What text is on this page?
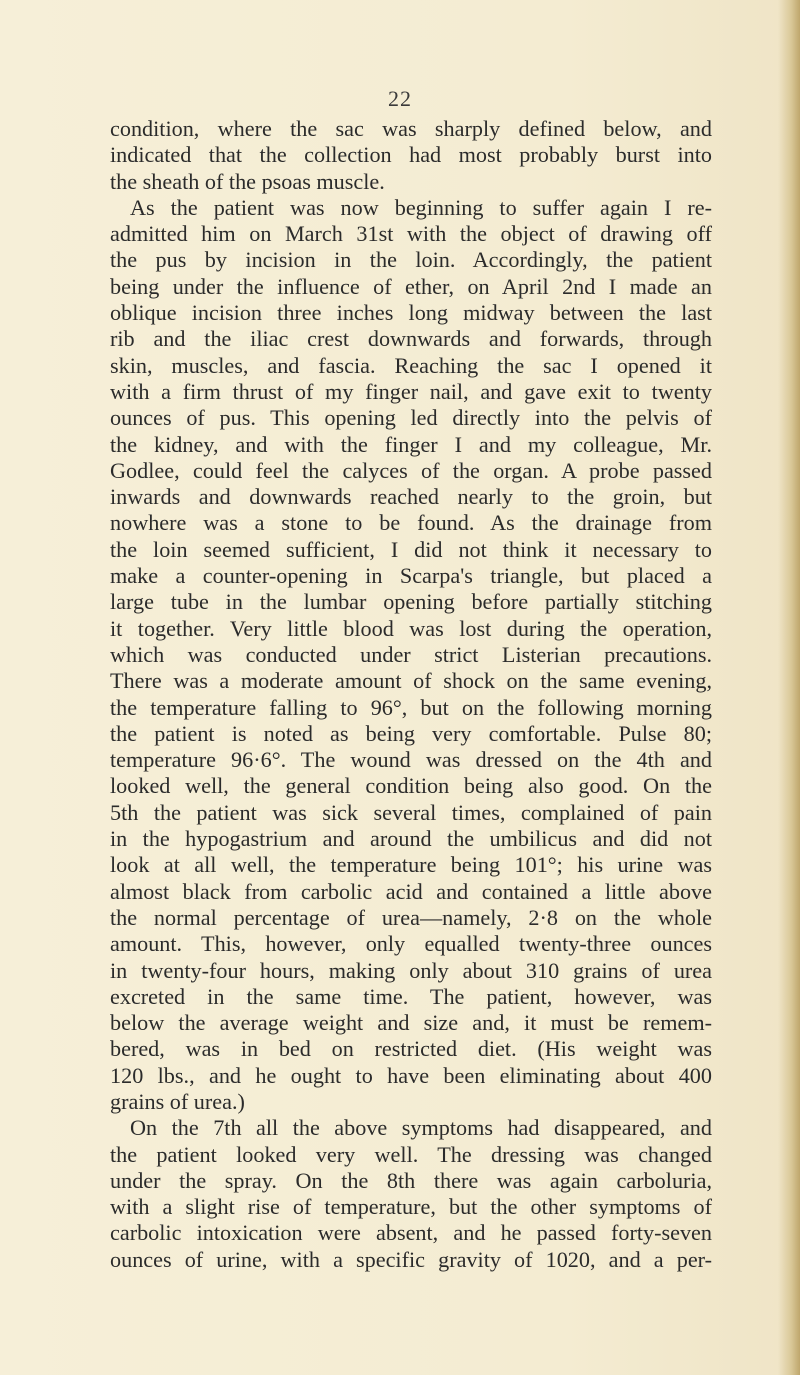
22
condition, where the sac was sharply defined below, and
indicated that the collection had most probably burst into
the sheath of the psoas muscle.
As the patient was now beginning to suffer again I re-
admitted him on March 31st with the object of drawing off
the pus by incision in the loin. Accordingly, the patient
being under the influence of ether, on April 2nd I made an
oblique incision three inches long midway between the last
rib and the iliac crest downwards and forwards, through
skin, muscles, and fascia. Reaching the sac I opened it
with a firm thrust of my finger nail, and gave exit to twenty
ounces of pus. This opening led directly into the pelvis of
the kidney, and with the finger I and my colleague, Mr.
Godlee, could feel the calyces of the organ. A probe passed
inwards and downwards reached nearly to the groin, but
nowhere was a stone to be found. As the drainage from
the loin seemed sufficient, I did not think it necessary to
make a counter-opening in Scarpa's triangle, but placed a
large tube in the lumbar opening before partially stitching
it together. Very little blood was lost during the operation,
which was conducted under strict Listerian precautions.
There was a moderate amount of shock on the same evening,
the temperature falling to 96°, but on the following morning
the patient is noted as being very comfortable. Pulse 80;
temperature 96·6°. The wound was dressed on the 4th and
looked well, the general condition being also good. On the
5th the patient was sick several times, complained of pain
in the hypogastrium and around the umbilicus and did not
look at all well, the temperature being 101°; his urine was
almost black from carbolic acid and contained a little above
the normal percentage of urea—namely, 2·8 on the whole
amount. This, however, only equalled twenty-three ounces
in twenty-four hours, making only about 310 grains of urea
excreted in the same time. The patient, however, was
below the average weight and size and, it must be remem-
bered, was in bed on restricted diet. (His weight was
120 lbs., and he ought to have been eliminating about 400
grains of urea.)
On the 7th all the above symptoms had disappeared, and
the patient looked very well. The dressing was changed
under the spray. On the 8th there was again carboluria,
with a slight rise of temperature, but the other symptoms of
carbolic intoxication were absent, and he passed forty-seven
ounces of urine, with a specific gravity of 1020, and a per-
